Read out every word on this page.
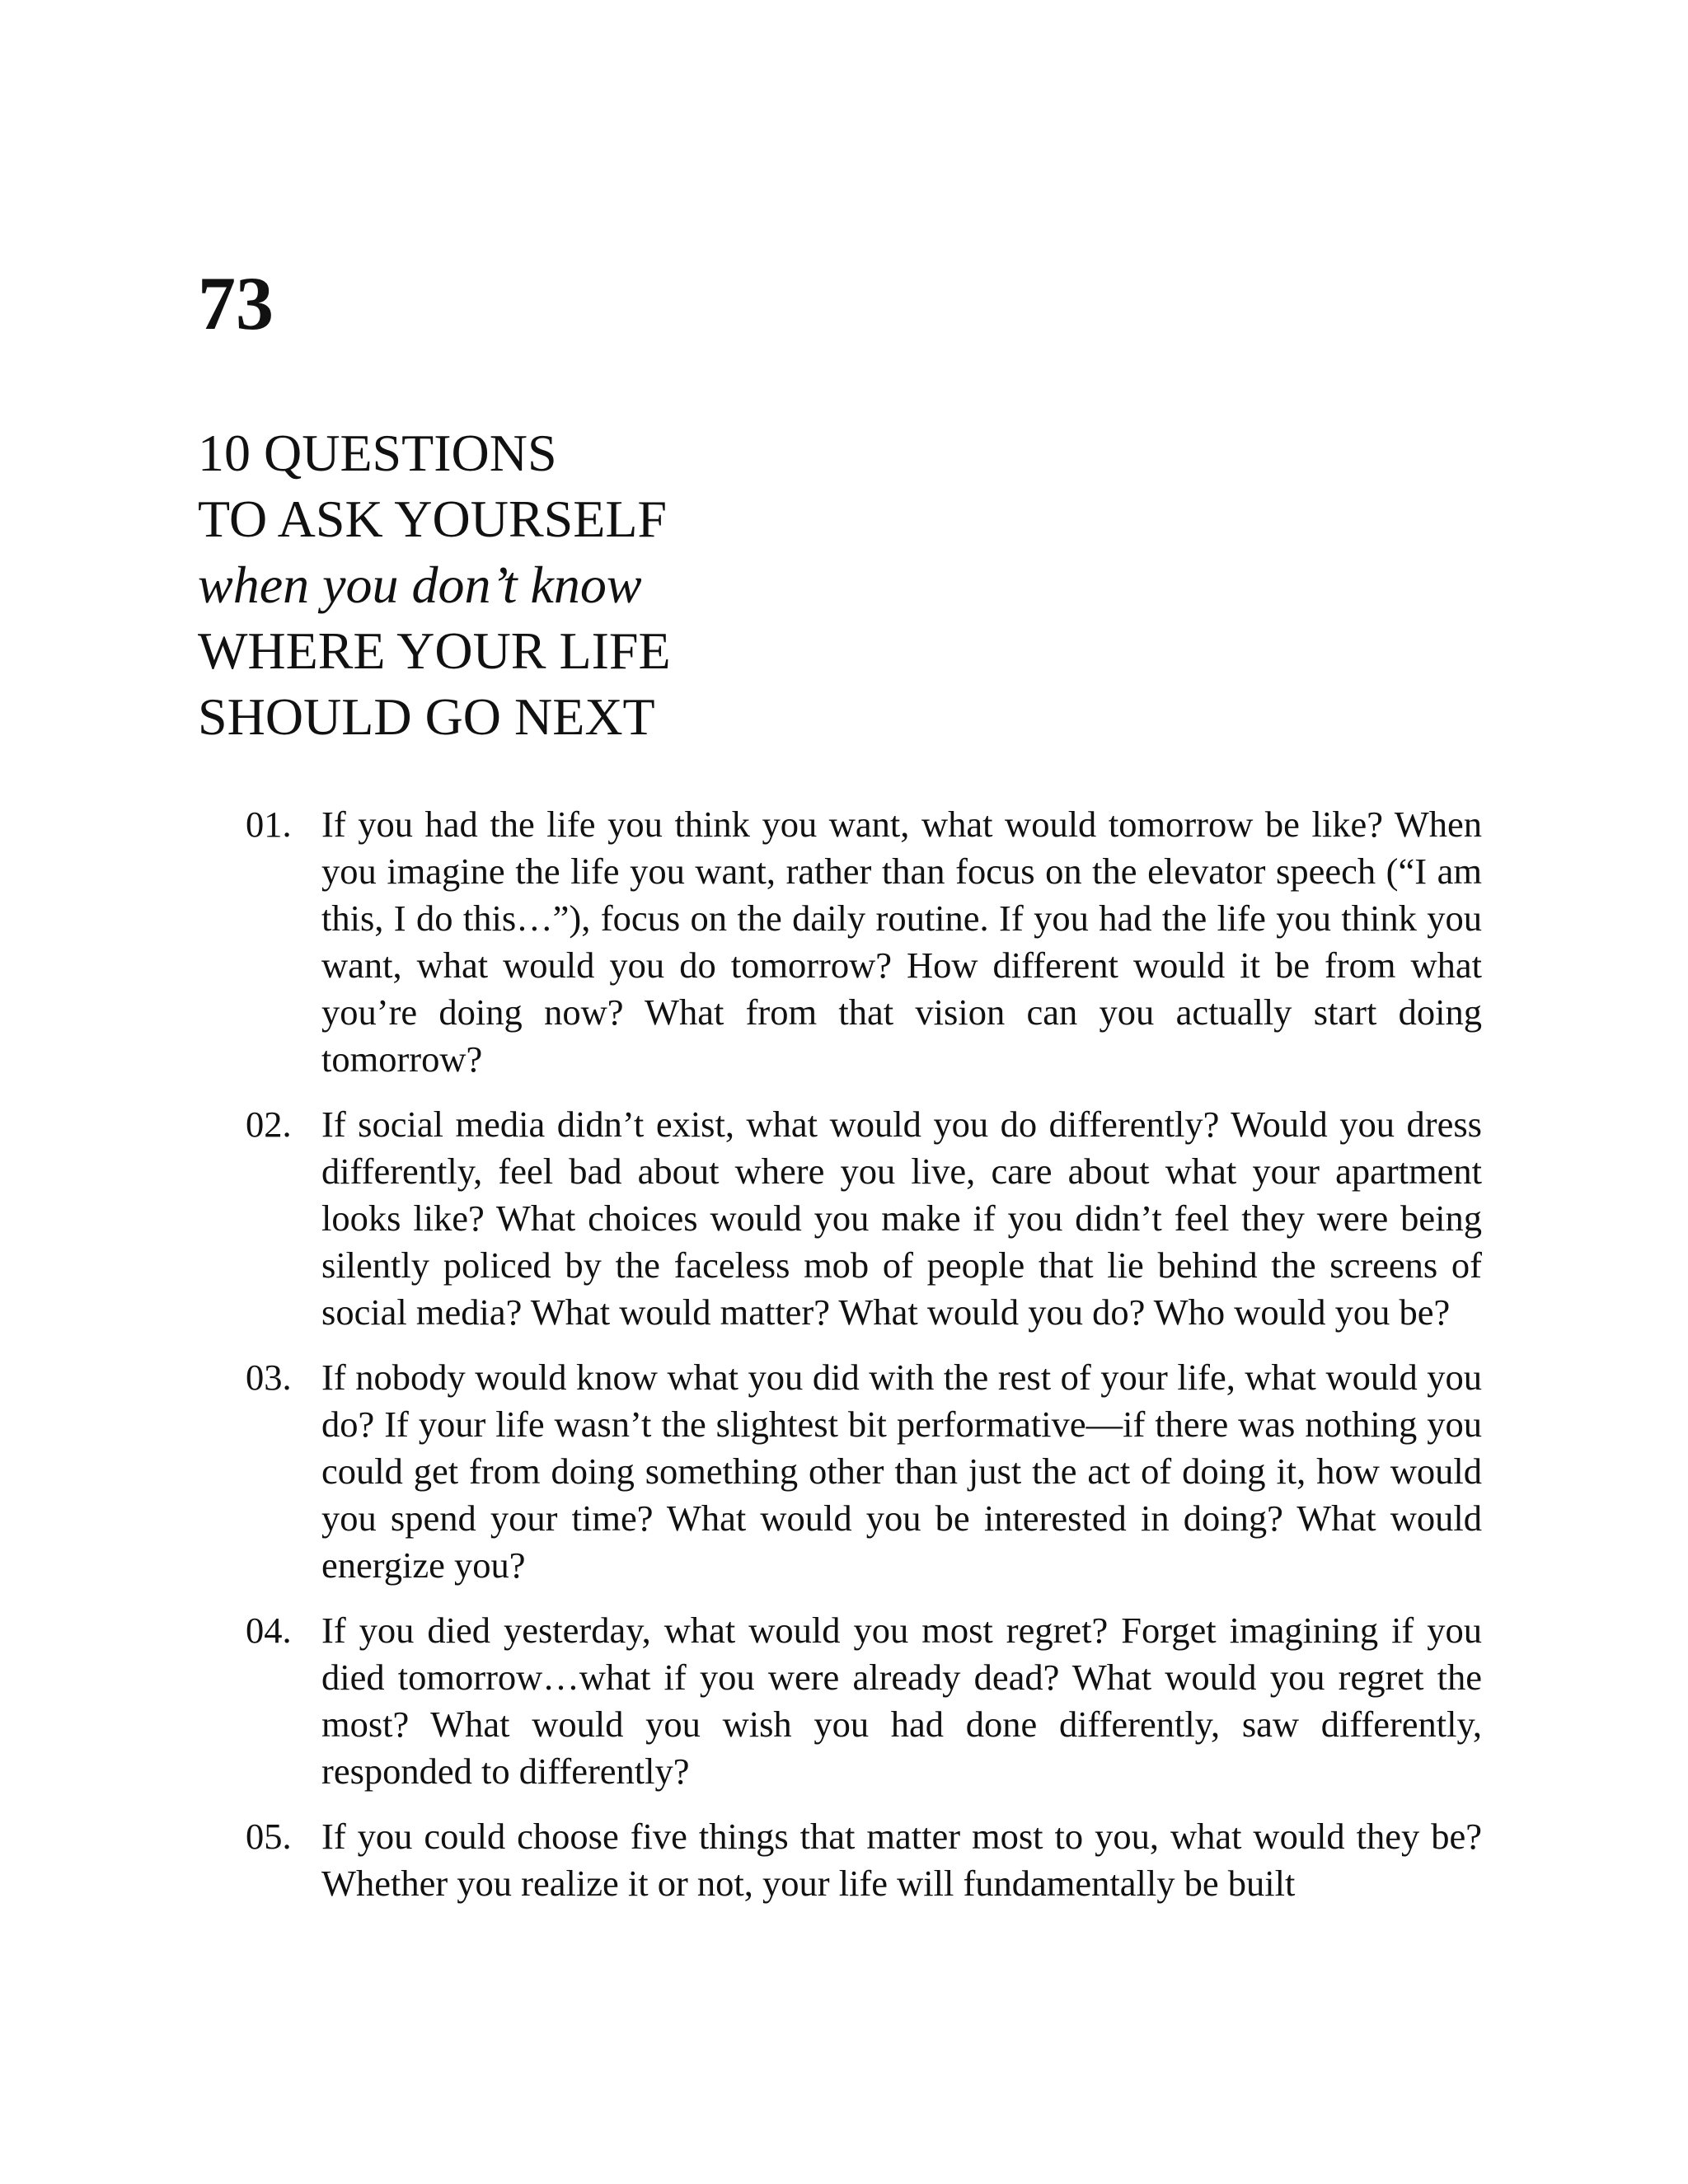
73
10 QUESTIONS
TO ASK YOURSELF
when you don’t know
WHERE YOUR LIFE
SHOULD GO NEXT
01. If you had the life you think you want, what would tomorrow be like? When you imagine the life you want, rather than focus on the elevator speech (“I am this, I do this…”), focus on the daily routine. If you had the life you think you want, what would you do tomorrow? How different would it be from what you’re doing now? What from that vision can you actually start doing tomorrow?
02. If social media didn’t exist, what would you do differently? Would you dress differently, feel bad about where you live, care about what your apartment looks like? What choices would you make if you didn’t feel they were being silently policed by the faceless mob of people that lie behind the screens of social media? What would matter? What would you do? Who would you be?
03. If nobody would know what you did with the rest of your life, what would you do? If your life wasn’t the slightest bit performative—if there was nothing you could get from doing something other than just the act of doing it, how would you spend your time? What would you be interested in doing? What would energize you?
04. If you died yesterday, what would you most regret? Forget imagining if you died tomorrow…what if you were already dead? What would you regret the most? What would you wish you had done differently, saw differently, responded to differently?
05. If you could choose five things that matter most to you, what would they be? Whether you realize it or not, your life will fundamentally be built
